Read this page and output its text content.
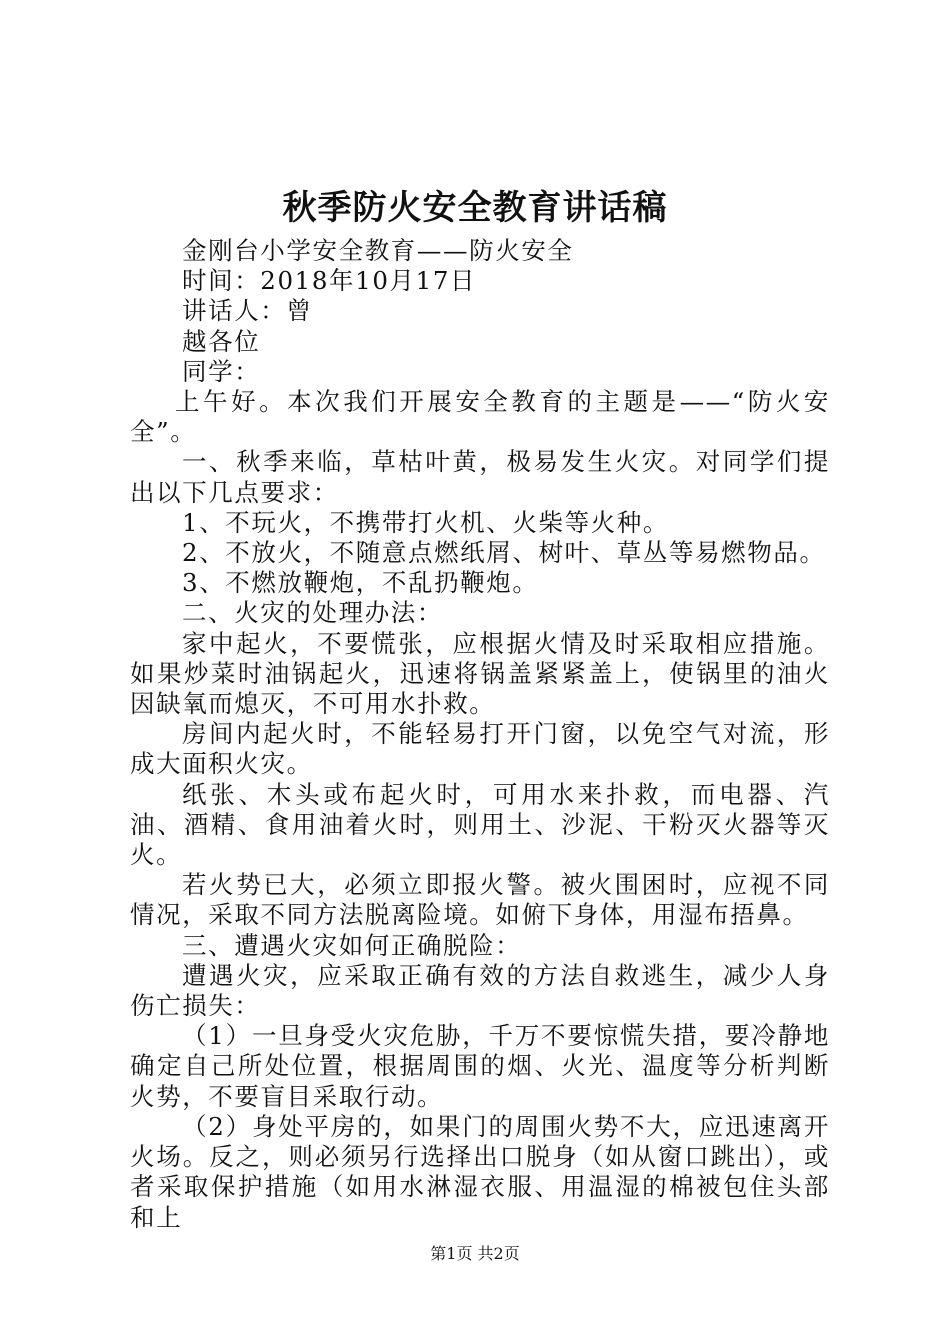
秋季防火安全教育讲话稿

金刚台小学安全教育——防火安全

时间：2018年10月17日

讲话人：曾

越各位

同学：

上午好。本次我们开展安全教育的主题是——“防火安全”。

一、秋季来临，草枯叶黄，极易发生火灾。对同学们提出以下几点要求：

1、不玩火，不携带打火机、火柴等火种。

2、不放火，不随意点燃纸屑、树叶、草丛等易燃物品。

3、不燃放鞭炮，不乱扔鞭炮。

二、火灾的处理办法：

家中起火，不要慌张，应根据火情及时采取相应措施。如果炒菜时油锅起火，迅速将锅盖紧紧盖上，使锅里的油火因缺氧而熄灭，不可用水扑救。

房间内起火时，不能轻易打开门窗，以免空气对流，形成大面积火灾。

纸张、木头或布起火时，可用水来扑救，而电器、汽油、酒精、食用油着火时，则用土、沙泥、干粉灭火器等灭火。

若火势已大，必须立即报火警。被火围困时，应视不同情况，采取不同方法脱离险境。如俯下身体，用湿布捂鼻。

三、遭遇火灾如何正确脱险：

遭遇火灾，应采取正确有效的方法自救逃生，减少人身伤亡损失：

（1）一旦身受火灾危胁，千万不要惊慌失措，要冷静地确定自己所处位置，根据周围的烟、火光、温度等分析判断火势，不要盲目采取行动。

（2）身处平房的，如果门的周围火势不大，应迅速离开火场。反之，则必须另行选择出口脱身（如从窗口跳出），或者采取保护措施（如用水淋湿衣服、用温湿的棉被包住头部和上

第1页 共2页
